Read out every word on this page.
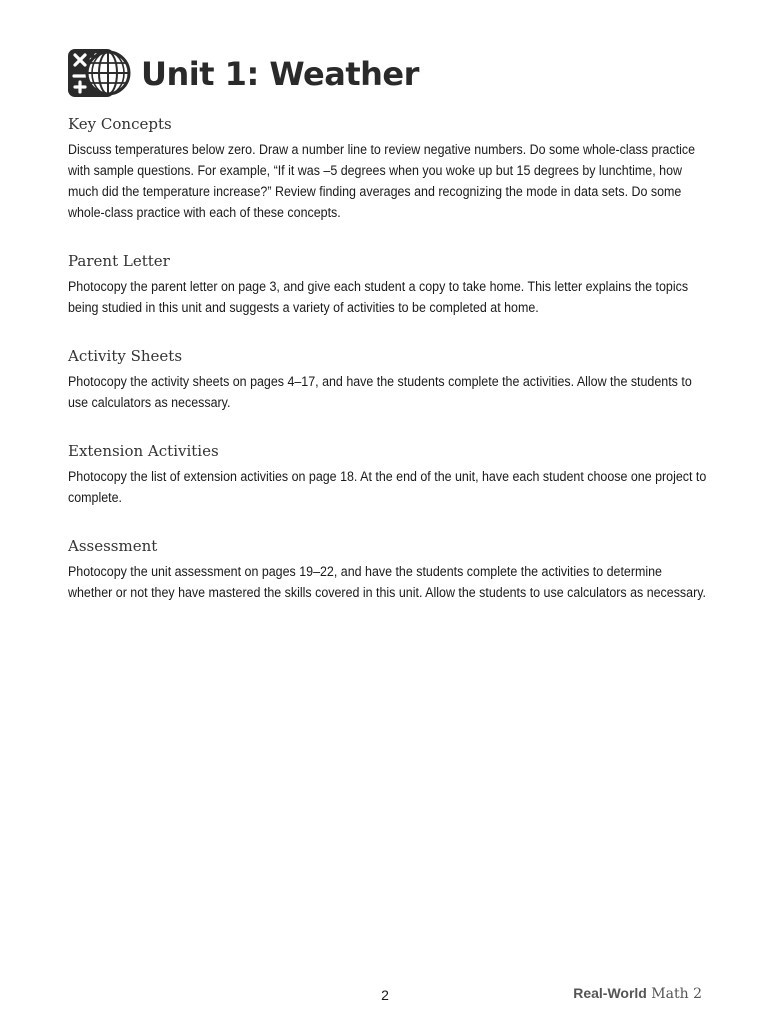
Unit 1: Weather
Key Concepts

Discuss temperatures below zero. Draw a number line to review negative numbers. Do some whole-class practice with sample questions. For example, “If it was –5 degrees when you woke up but 15 degrees by lunchtime, how much did the temperature increase?” Review finding averages and recognizing the mode in data sets. Do some whole-class practice with each of these concepts.

Parent Letter

Photocopy the parent letter on page 3, and give each student a copy to take home. This letter explains the topics being studied in this unit and suggests a variety of activities to be completed at home.

Activity Sheets

Photocopy the activity sheets on pages 4–17, and have the students complete the activities. Allow the students to use calculators as necessary.

Extension Activities

Photocopy the list of extension activities on page 18. At the end of the unit, have each student choose one project to complete.

Assessment

Photocopy the unit assessment on pages 19–22, and have the students complete the activities to determine whether or not they have mastered the skills covered in this unit. Allow the students to use calculators as necessary.

2	Real-World Math 2
